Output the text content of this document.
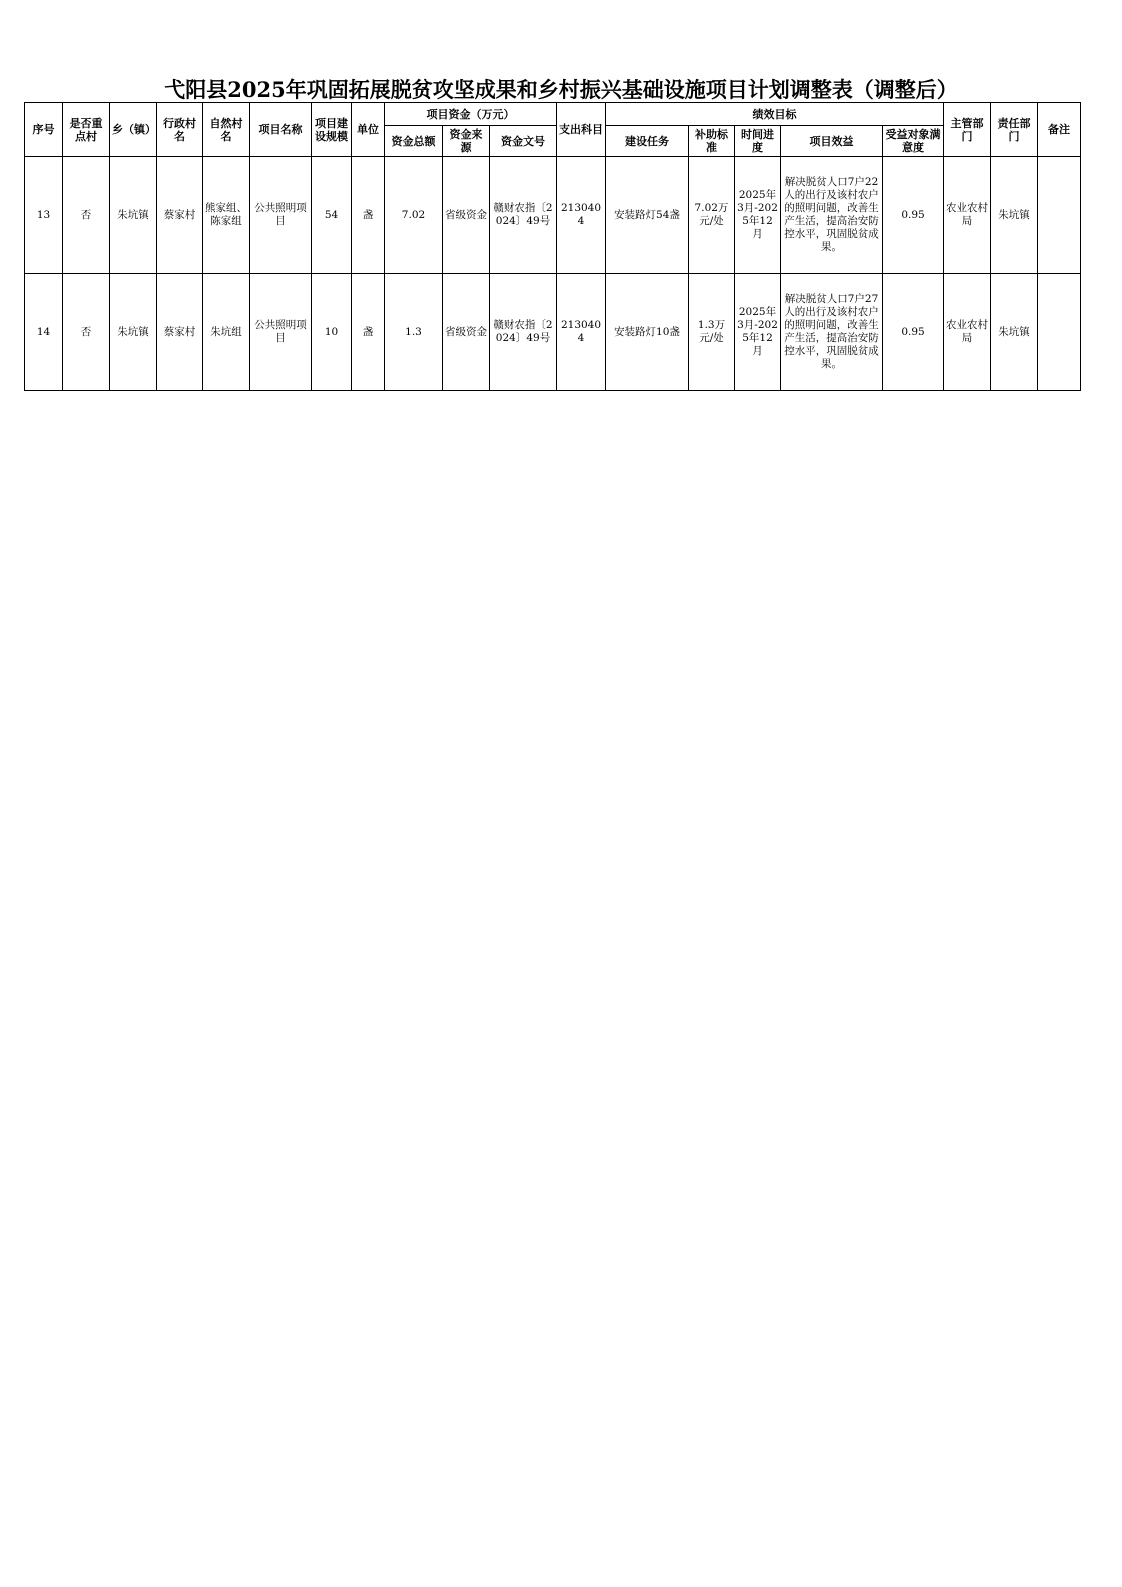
弋阳县2025年巩固拓展脱贫攻坚成果和乡村振兴基础设施项目计划调整表（调整后）
序号	是否重点村	乡（镇）	行政村名	自然村名	项目名称	项目建设规模	单位	项目资金（万元）			支出科目	绩效目标					主管部门	责任部门	备注
								资金总额	资金来源	资金文号		建设任务	补助标准	时间进度	项目效益	受益对象满意度			
13	否	朱坑镇	蔡家村	熊家组、陈家组	公共照明项目	54	盏	7.02	省级资金	赣财农指〔2024〕49号	2130404	安装路灯54盏	7.02万元/处	2025年3月-2025年12月	解决脱贫人口7户22人的出行及该村农户的照明问题，改善生产生活，提高治安防控水平，巩固脱贫成果。	0.95	农业农村局	朱坑镇	
14	否	朱坑镇	蔡家村	朱坑组	公共照明项目	10	盏	1.3	省级资金	赣财农指〔2024〕49号	2130404	安装路灯10盏	1.3万元/处	2025年3月-2025年12月	解决脱贫人口7户27人的出行及该村农户的照明问题，改善生产生活，提高治安防控水平，巩固脱贫成果。	0.95	农业农村局	朱坑镇	
